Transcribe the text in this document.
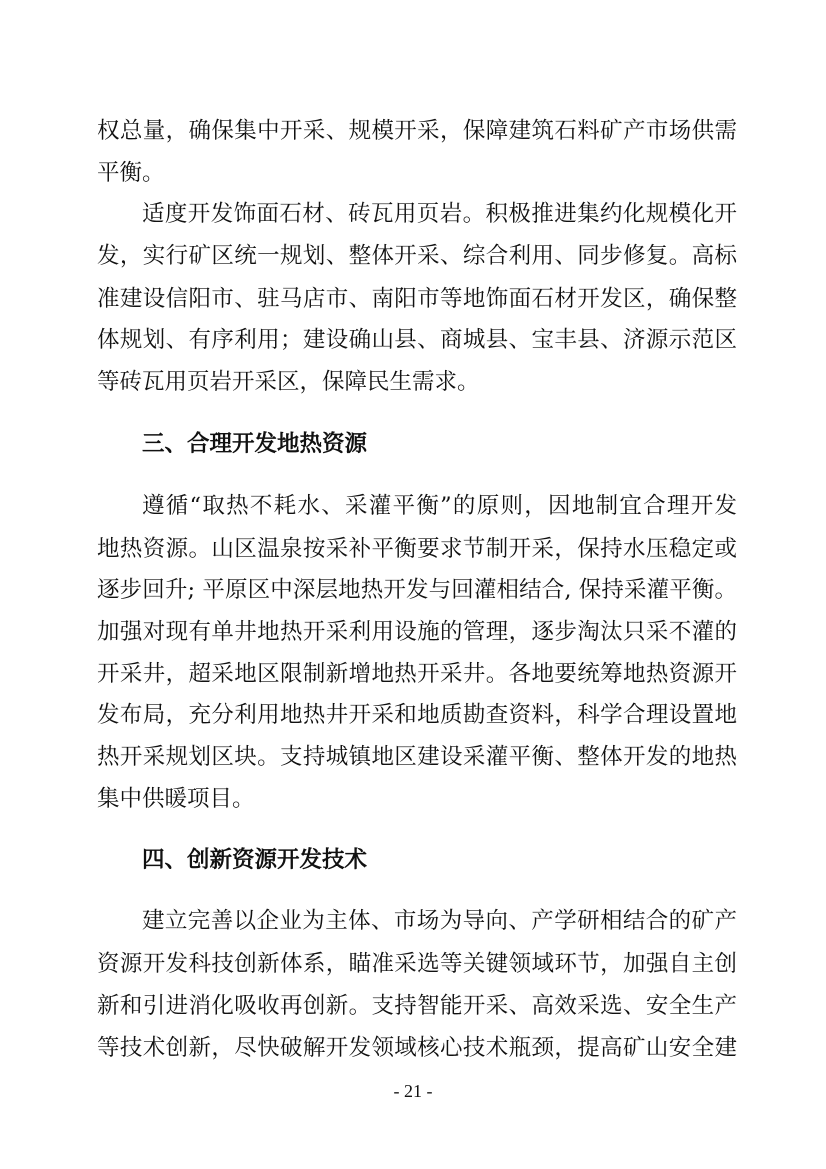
权总量，确保集中开采、规模开采，保障建筑石料矿产市场供需
平衡。
适度开发饰面石材、砖瓦用页岩。积极推进集约化规模化开
发，实行矿区统一规划、整体开采、综合利用、同步修复。高标
准建设信阳市、驻马店市、南阳市等地饰面石材开发区，确保整
体规划、有序利用；建设确山县、商城县、宝丰县、济源示范区
等砖瓦用页岩开采区，保障民生需求。
三、合理开发地热资源
遵循“取热不耗水、采灌平衡”的原则，因地制宜合理开发
地热资源。山区温泉按采补平衡要求节制开采，保持水压稳定或
逐步回升; 平原区中深层地热开发与回灌相结合, 保持采灌平衡。
加强对现有单井地热开采利用设施的管理，逐步淘汰只采不灌的
开采井，超采地区限制新增地热开采井。各地要统筹地热资源开
发布局，充分利用地热井开采和地质勘查资料，科学合理设置地
热开采规划区块。支持城镇地区建设采灌平衡、整体开发的地热
集中供暖项目。
四、创新资源开发技术
建立完善以企业为主体、市场为导向、产学研相结合的矿产
资源开发科技创新体系，瞄准采选等关键领域环节，加强自主创
新和引进消化吸收再创新。支持智能开采、高效采选、安全生产
等技术创新，尽快破解开发领域核心技术瓶颈，提高矿山安全建
- 21 -
